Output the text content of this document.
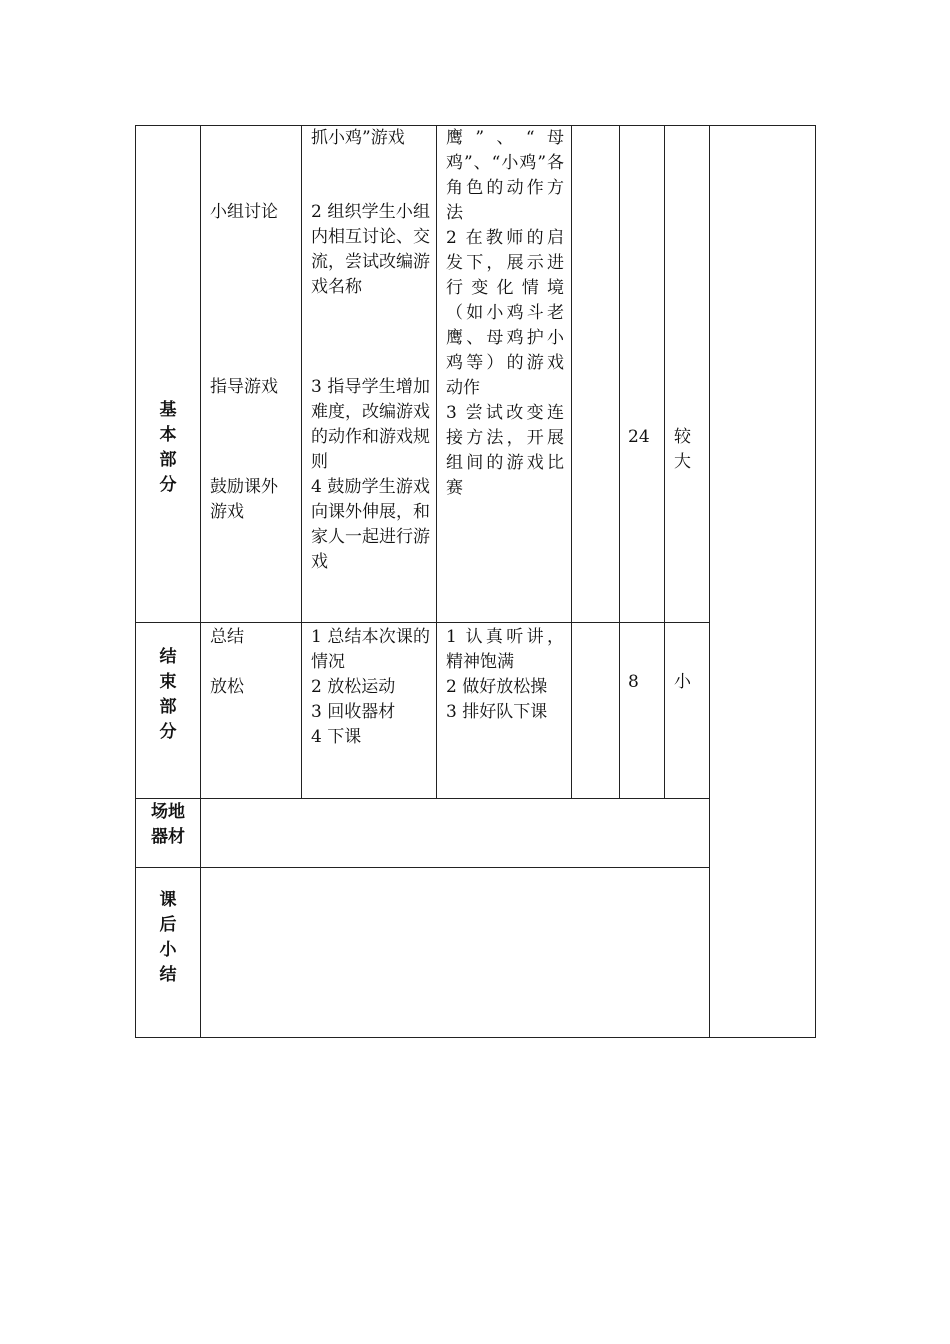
基
本
部
分
小组讨论
指导游戏
鼓励课外
游戏
抓小鸡”游戏
2 组织学生小组内相互讨论、交流，尝试改编游戏名称
3 指导学生增加难度，改编游戏的动作和游戏规则
4 鼓励学生游戏向课外伸展，和家人一起进行游戏
鹰”、“母鸡”、“小鸡”各角色的动作方法
2 在教师的启发下，展示进行变化情境（如小鸡斗老鹰、母鸡护小鸡等）的游戏动作
3 尝试改变连接方法，开展组间的游戏比赛
24	较
大
结
束
部
分
总结
放松
1 总结本次课的情况
2 放松运动
3 回收器材
4 下课
1 认真听讲，精神饱满
2 做好放松操
3 排好队下课
8	小
场地
器材
课
后
小
结
